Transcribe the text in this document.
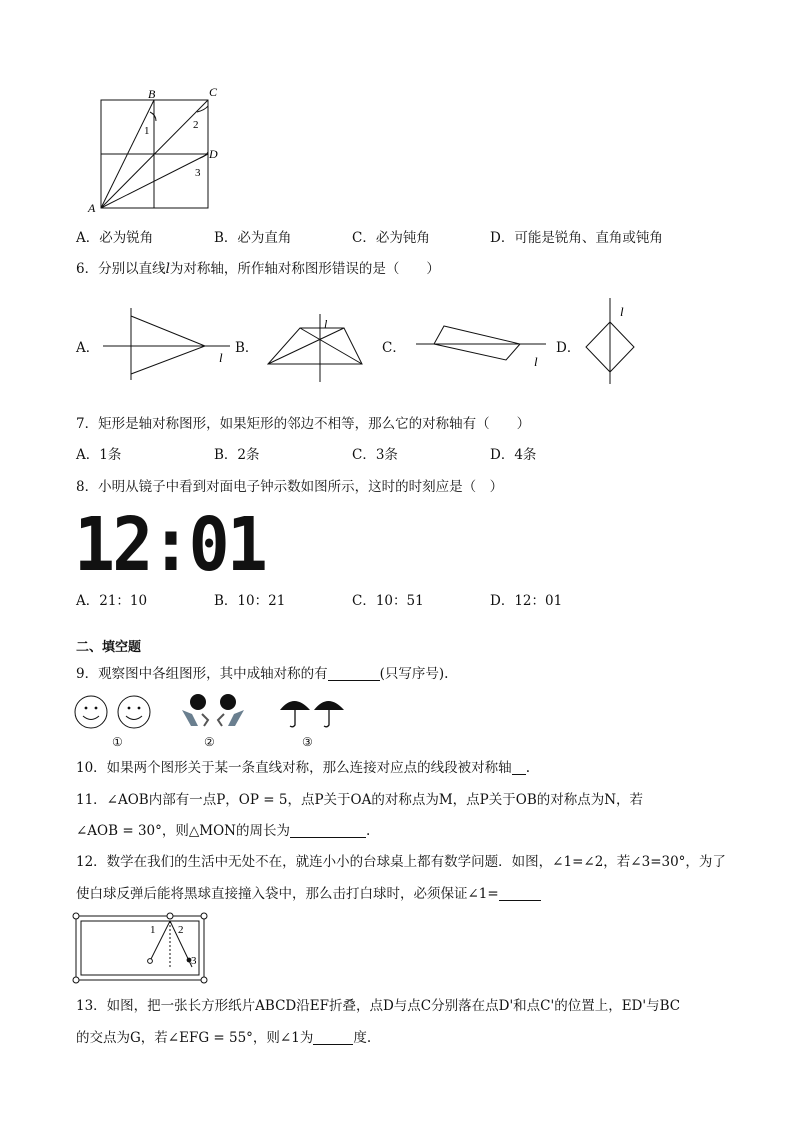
B	C
D
A
1	2
3
A．必为锐角	B．必为直角	C．必为钝角	D．可能是锐角、直角或钝角
6．分别以直线l为对称轴，所作轴对称图形错误的是（　　）
A．
l
B．
l
C．
l
D．
l
7．矩形是轴对称图形，如果矩形的邻边不相等，那么它的对称轴有（　　）
A．1条	B．2条	C．3条	D．4条
8．小明从镜子中看到对面电子钟示数如图所示，这时的时刻应是（　）
12:01
A．21：10	B．10：21	C．10：51	D．12：01
二、填空题
9．观察图中各组图形，其中成轴对称的有	(只写序号).
①	②	③
10．如果两个图形关于某一条直线对称，那么连接对应点的线段被对称轴 .
11．∠AOB内部有一点P，OP = 5，点P关于OA的对称点为M，点P关于OB的对称点为N，若
∠AOB = 30°，则△MON的周长为	.
12．数学在我们的生活中无处不在，就连小小的台球桌上都有数学问题．如图，∠1=∠2，若∠3=30°，为了
使白球反弹后能将黑球直接撞入袋中，那么击打白球时，必须保证∠1=
1 2
3
13．如图，把一张长方形纸片ABCD沿EF折叠，点D与点C分别落在点D'和点C'的位置上，ED'与BC
的交点为G，若∠EFG = 55°，则∠1为	度.
